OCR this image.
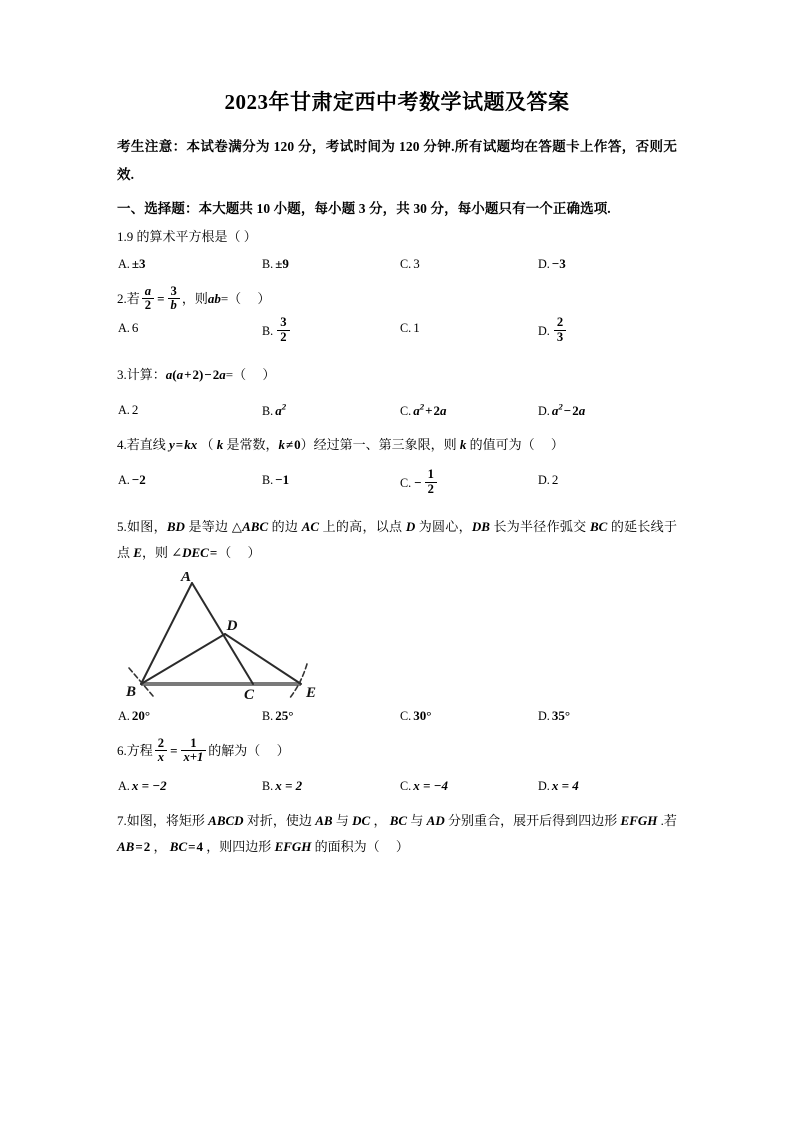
2023年甘肃定西中考数学试题及答案

考生注意：本试卷满分为 120 分，考试时间为 120 分钟.所有试题均在答题卡上作答，否则无效.

一、选择题：本大题共 10 小题，每小题 3 分，共 30 分，每小题只有一个正确选项.

1.9 的算术平方根是（ ）

A. ±3	B. ±9	C. 3	D. −3

2.若 $\frac{a}{2} = \frac{3}{b}$ ，则ab=（ ）

A. 6	B. $\frac{3}{2}$	C. 1	D. $\frac{2}{3}$

3.计算：a(a+2)−2a=（ ）

A. 2	B. $a^2$	C. $a^2+2a$	D. $a^2-2a$

4.若直线 y=kx （ k 是常数，k≠0）经过第一、第三象限，则 k 的值可为（     ）

A. −2	B. −1	C. − $\frac{1}{2}$	D. 2

5.如图，BD 是等边 △ABC 的边 AC 上的高，以点 D 为圆心，DB 长为半径作弧交 BC 的延长线于点 E，则 ∠DEC=（     ）

A
B	C
D
E
A. 20°	B. 25°	C. 30°	D. 35°

6.方程 $\frac{2}{x} = \frac{1}{x+1}$ 的解为（ ）

A. x = −2	B. x = 2	C. x = −4	D. x = 4

7.如图，将矩形 ABCD 对折，使边 AB 与 DC ， BC 与 AD 分别重合，展开后得到四边形 EFGH .若 AB=2 ， BC=4 ，则四边形 EFGH 的面积为（     ）
